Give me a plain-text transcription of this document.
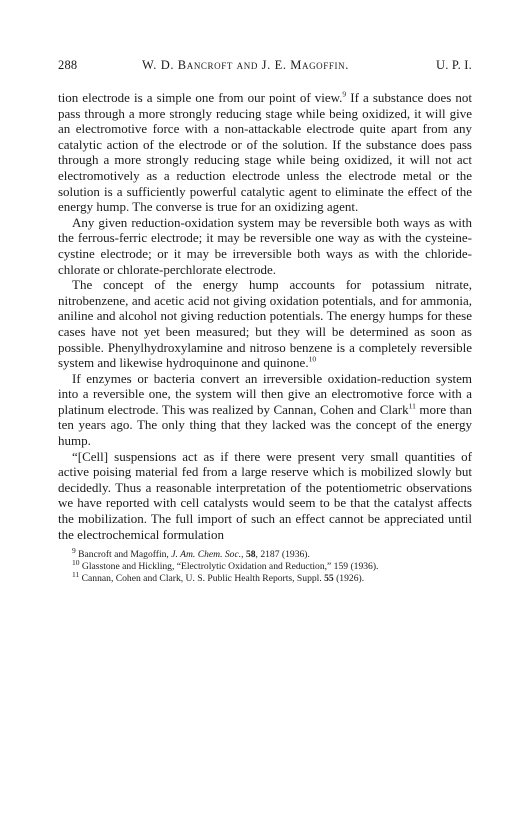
288	W. D. Bancroft and J. E. Magoffin.	U. P. I.

tion electrode is a simple one from our point of view.$^9$ If a substance does not pass through a more strongly reducing stage while being oxidized, it will give an electromotive force with a non-attackable electrode quite apart from any catalytic action of the electrode or of the solution. If the substance does pass through a more strongly reducing stage while being oxidized, it will not act electromotively as a reduction electrode unless the electrode metal or the solution is a sufficiently powerful catalytic agent to eliminate the effect of the energy hump. The converse is true for an oxidizing agent.

Any given reduction-oxidation system may be reversible both ways as with the ferrous-ferric electrode; it may be reversible one way as with the cysteine-cystine electrode; or it may be irreversible both ways as with the chloride-chlorate or chlorate-perchlorate electrode.

The concept of the energy hump accounts for potassium nitrate, nitrobenzene, and acetic acid not giving oxidation potentials, and for ammonia, aniline and alcohol not giving reduction potentials. The energy humps for these cases have not yet been measured; but they will be determined as soon as possible. Phenylhydroxylamine and nitroso benzene is a completely reversible system and likewise hydroquinone and quinone.$^{10}$

If enzymes or bacteria convert an irreversible oxidation-reduction system into a reversible one, the system will then give an electromotive force with a platinum electrode. This was realized by Cannan, Cohen and Clark$^{11}$ more than ten years ago. The only thing that they lacked was the concept of the energy hump.

“[Cell] suspensions act as if there were present very small quantities of active poising material fed from a large reserve which is mobilized slowly but decidedly. Thus a reasonable interpretation of the potentiometric observations we have reported with cell catalysts would seem to be that the catalyst affects the mobilization. The full import of such an effect cannot be appreciated until the electrochemical formulation

$^9$ Bancroft and Magoffin, J. Am. Chem. Soc., 58, 2187 (1936).

$^{10}$ Glasstone and Hickling, “Electrolytic Oxidation and Reduction,” 159 (1936).

$^{11}$ Cannan, Cohen and Clark, U. S. Public Health Reports, Suppl. 55 (1926).
